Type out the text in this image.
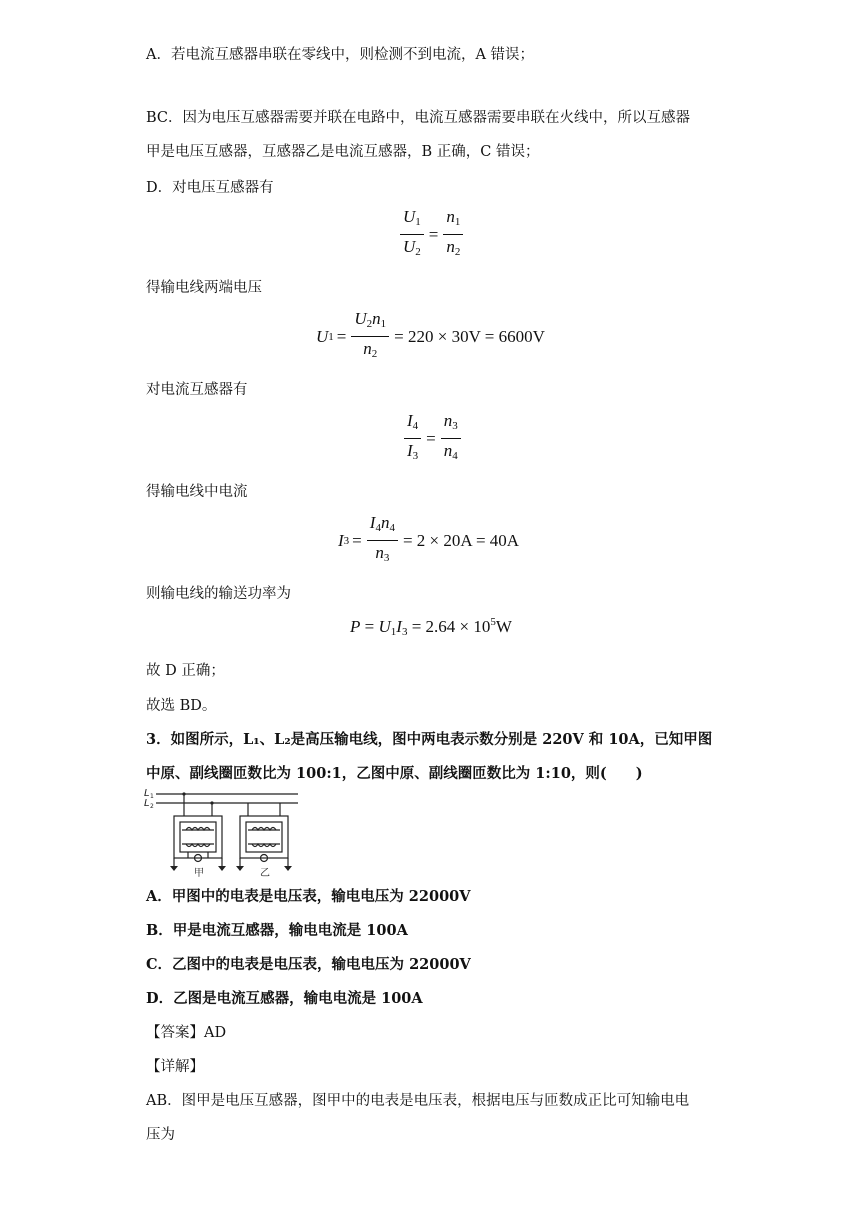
A．若电流互感器串联在零线中，则检测不到电流，A 错误；
BC．因为电压互感器需要并联在电路中，电流互感器需要串联在火线中，所以互感器
甲是电压互感器，互感器乙是电流互感器，B 正确，C 错误；
D．对电压互感器有
$\frac{U_1}{U_2} = \frac{n_1}{n_2}$
得输电线两端电压
U $1 = \frac{U_2n_1}{n_2} = 220 \times 30V = 6600V$
对电流互感器有
$\frac{I_4}{I_3} = \frac{n_3}{n_4}$
得输电线中电流
I $3 = \frac{I_4n_4}{n_3} = 2 \times 20A = 40A$
则输电线的输送功率为
$P = U_1I_3 = 2.64 \times 10^5W$
故 D 正确；
故选 BD。
3．如图所示，L₁、L₂是高压输电线，图中两电表示数分别是 220V 和 10A，已知甲图
中原、副线圈匝数比为 100:1，乙图中原、副线圈匝数比为 1:10，则(　　)
L 1
L 2
甲	乙
A．甲图中的电表是电压表，输电电压为 22000V
B．甲是电流互感器，输电电流是 100A
C．乙图中的电表是电压表，输电电压为 22000V
D．乙图是电流互感器，输电电流是 100A
【答案】AD
【详解】
AB．图甲是电压互感器，图甲中的电表是电压表，根据电压与匝数成正比可知输电电
压为
